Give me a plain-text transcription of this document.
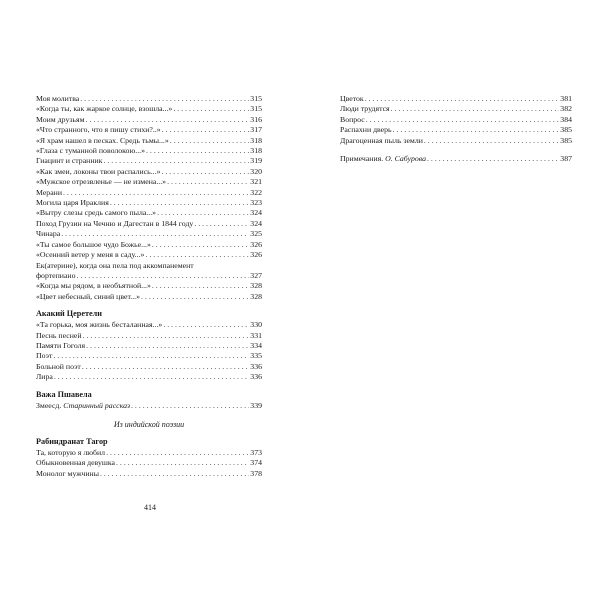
Моя молитва . . .	315
«Когда ты, как жаркое солнце, взошла...» . . .	315
Моим друзьям . . .	316
«Что странного, что я пишу стихи?..» . . .	317
«Я храм нашел в песках. Средь тьмы...» . . .	318
«Глаза с туманной поволокою...» . . .	318
Гиацинт и странник . . .	319
«Как змеи, локоны твои распались...» . . .	320
«Мужское отрезвленье — не измена...» . . .	321
Мерани . . .	322
Могила царя Ираклия . . .	323
«Вытру слезы средь самого пыла...» . . .	324
Поход Грузин на Чечню и Дагестан в 1844 году . . .	324
Чинара . . .	325
«Ты самое большое чудо Божье...» . . .	326
«Осенний ветер у меня в саду...» . . .	326
Ек(атерине), когда она пела под аккомпанемент
фортепиано . . .	327
«Когда мы рядом, в необъятной...» . . .	328
«Цвет небесный, синий цвет...» . . .	328
Акакий Церетели
«Та горька, моя жизнь бесталанная...» . . .	330
Песнь песней . . .	331
Памяти Гоголя . . .	334
Поэт . . .	335
Больной поэт . . .	336
Лира . . .	336
Важа Пшавела
Змеесд. Старинный рассказ . . .	339
Из индийской поэзии
Рабиндранат Тагор
Та, которую я любил . . .	373
Обыкновенная девушка . . .	374
Монолог мужчины . . .	378
414
Цветок . . .	381
Люди трудятся . . .	382
Вопрос . . .	384
Распахни дверь . . .	385
Драгоценная пыль земли . . .	385
Примечания. О. Сабурова . . .	387
